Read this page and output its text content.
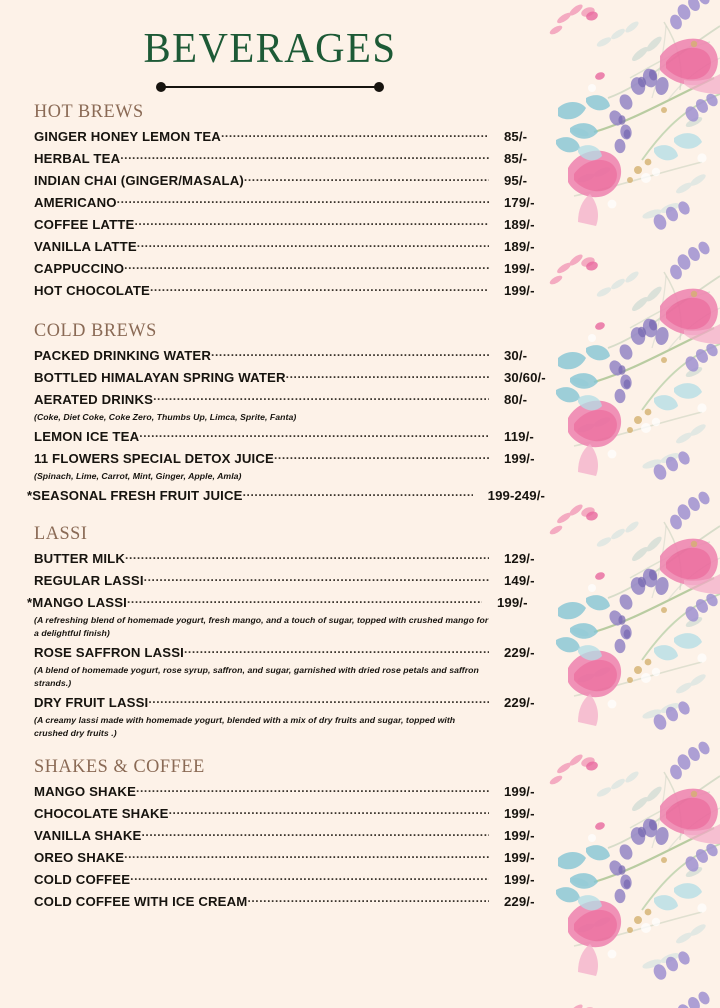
BEVERAGES
HOT BREWS
GINGER HONEY LEMON TEA .....	85/-
HERBAL TEA .....	85/-
INDIAN CHAI (GINGER/MASALA) .....	95/-
AMERICANO .....	179/-
COFFEE LATTE .....	189/-
VANILLA LATTE .....	189/-
CAPPUCCINO .....	199/-
HOT CHOCOLATE .....	199/-
COLD BREWS
PACKED DRINKING WATER .....	30/-
BOTTLED HIMALAYAN SPRING WATER .....	30/60/-
AERATED DRINKS .....	80/-
(Coke, Diet Coke, Coke Zero, Thumbs Up, Limca, Sprite, Fanta)
LEMON ICE TEA .....	119/-
11 FLOWERS SPECIAL DETOX JUICE .....	199/-
(Spinach, Lime, Carrot, Mint, Ginger, Apple, Amla)
*SEASONAL FRESH FRUIT JUICE .....	199-249/-
LASSI
BUTTER MILK .....	129/-
REGULAR LASSI .....	149/-
*MANGO LASSI .....	199/-
(A refreshing blend of homemade yogurt, fresh mango, and a touch of sugar, topped with crushed mango for a delightful finish)
ROSE SAFFRON LASSI .....	229/-
(A blend of homemade yogurt, rose syrup, saffron, and sugar, garnished with dried rose petals and saffron strands.)
DRY FRUIT LASSI .....	229/-
(A creamy lassi made with homemade yogurt, blended with a mix of dry fruits and sugar, topped with crushed dry fruits .)
SHAKES & COFFEE
MANGO SHAKE .....	199/-
CHOCOLATE SHAKE .....	199/-
VANILLA SHAKE .....	199/-
OREO SHAKE .....	199/-
COLD COFFEE .....	199/-
COLD COFFEE WITH ICE CREAM .....	229/-
